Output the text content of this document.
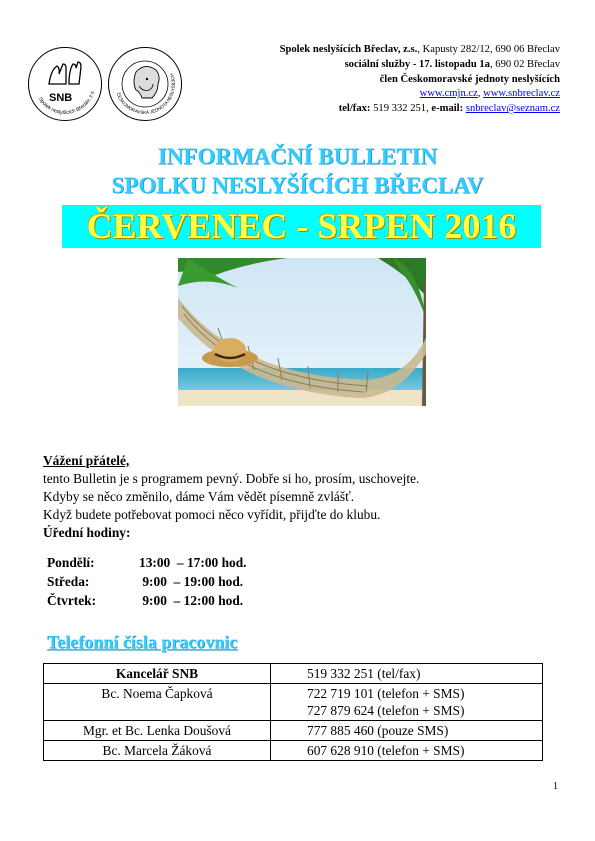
Spolek neslyšících Břeclav, z.s.
SNB	ČESKOMORAVSKÁ JEDNOTA NESLYŠÍCÍCH
Spolek neslyšících Břeclav, z.s., Kapusty 282/12, 690 06 Břeclav
sociální služby - 17. listopadu 1a, 690 02 Břeclav
člen Českomoravské jednoty neslyšících
www.cmjn.cz, www.snbreclav.cz
tel/fax: 519 332 251, e-mail: snbreclav@seznam.cz
INFORMAČNÍ BULLETIN
SPOLKU NESLYŠÍCÍCH BŘECLAV
ČERVENEC - SRPEN 2016
Vážení přátelé,
tento Bulletin je s programem pevný. Dobře si ho, prosím, uschovejte.
Kdyby se něco změnilo, dáme Vám vědět písemně zvlášť.
Když budete potřebovat pomoci něco vyřídit, přijďte do klubu.
Úřední hodiny:
Pondělí:	13:00  – 17:00 hod.
Středa:	9:00  – 19:00 hod.
Čtvrtek:	9:00  – 12:00 hod.
Telefonní čísla pracovnic
Kancelář SNB	519 332 251 (tel/fax)

Bc. Noema Čapková	722 719 101 (telefon + SMS)
727 879 624 (telefon + SMS)

Mgr. et Bc. Lenka Doušová	777 885 460 (pouze SMS)

Bc. Marcela Žáková	607 628 910 (telefon + SMS)
1
